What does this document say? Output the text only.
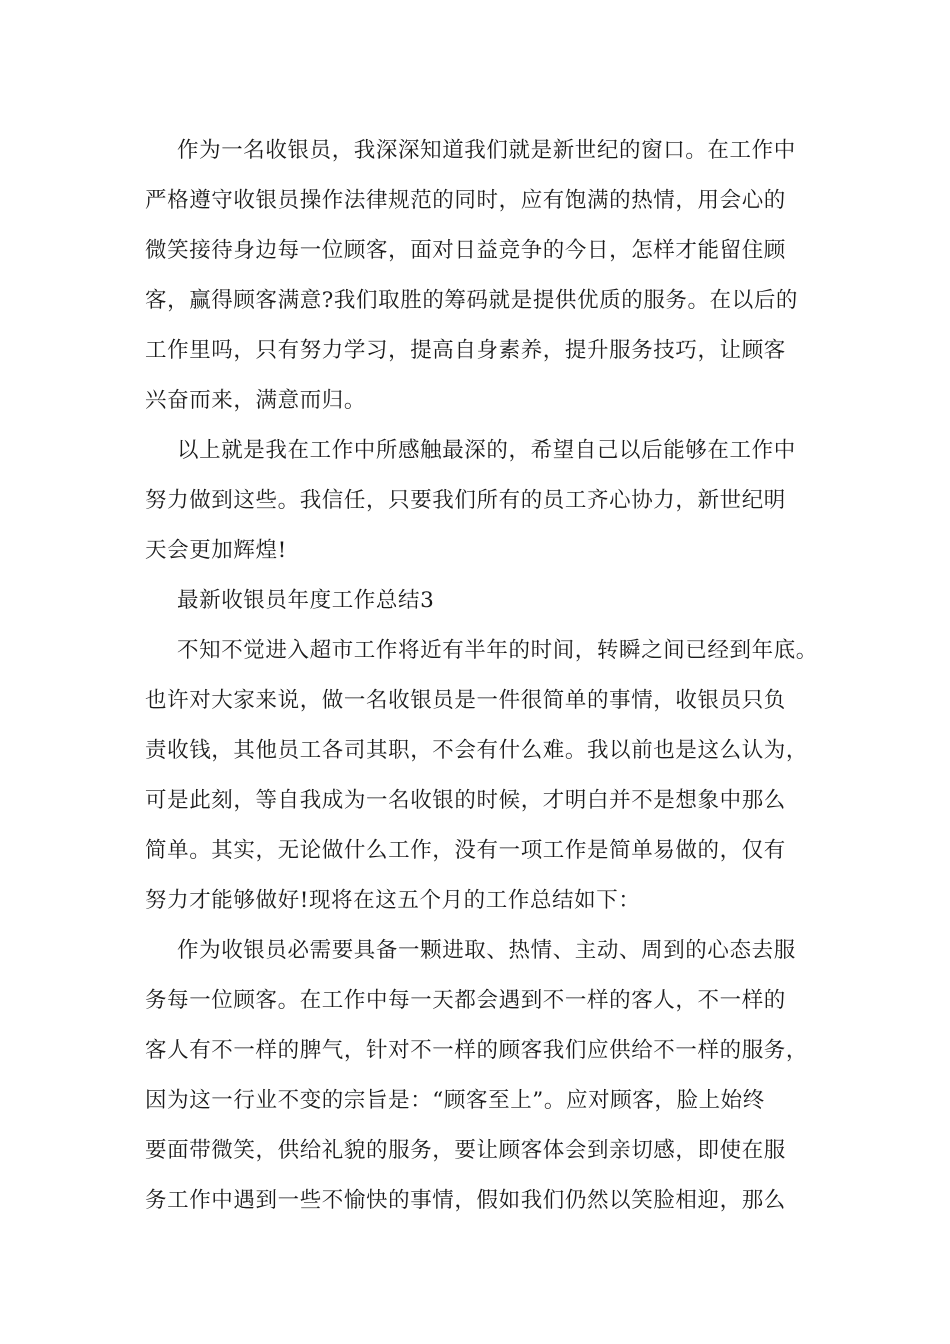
作为一名收银员，我深深知道我们就是新世纪的窗口。在工作中
严格遵守收银员操作法律规范的同时，应有饱满的热情，用会心的
微笑接待身边每一位顾客，面对日益竞争的今日，怎样才能留住顾
客，赢得顾客满意?我们取胜的筹码就是提供优质的服务。在以后的
工作里吗，只有努力学习，提高自身素养，提升服务技巧，让顾客
兴奋而来，满意而归。
以上就是我在工作中所感触最深的，希望自己以后能够在工作中
努力做到这些。我信任，只要我们所有的员工齐心协力，新世纪明
天会更加辉煌!
最新收银员年度工作总结3
不知不觉进入超市工作将近有半年的时间，转瞬之间已经到年底。
也许对大家来说，做一名收银员是一件很简单的事情，收银员只负
责收钱，其他员工各司其职，不会有什么难。我以前也是这么认为，
可是此刻，等自我成为一名收银的时候，才明白并不是想象中那么
简单。其实，无论做什么工作，没有一项工作是简单易做的，仅有
努力才能够做好!现将在这五个月的工作总结如下：
作为收银员必需要具备一颗进取、热情、主动、周到的心态去服
务每一位顾客。在工作中每一天都会遇到不一样的客人，不一样的
客人有不一样的脾气，针对不一样的顾客我们应供给不一样的服务，
因为这一行业不变的宗旨是：“顾客至上”。应对顾客，脸上始终
要面带微笑，供给礼貌的服务，要让顾客体会到亲切感，即使在服
务工作中遇到一些不愉快的事情，假如我们仍然以笑脸相迎，那么
